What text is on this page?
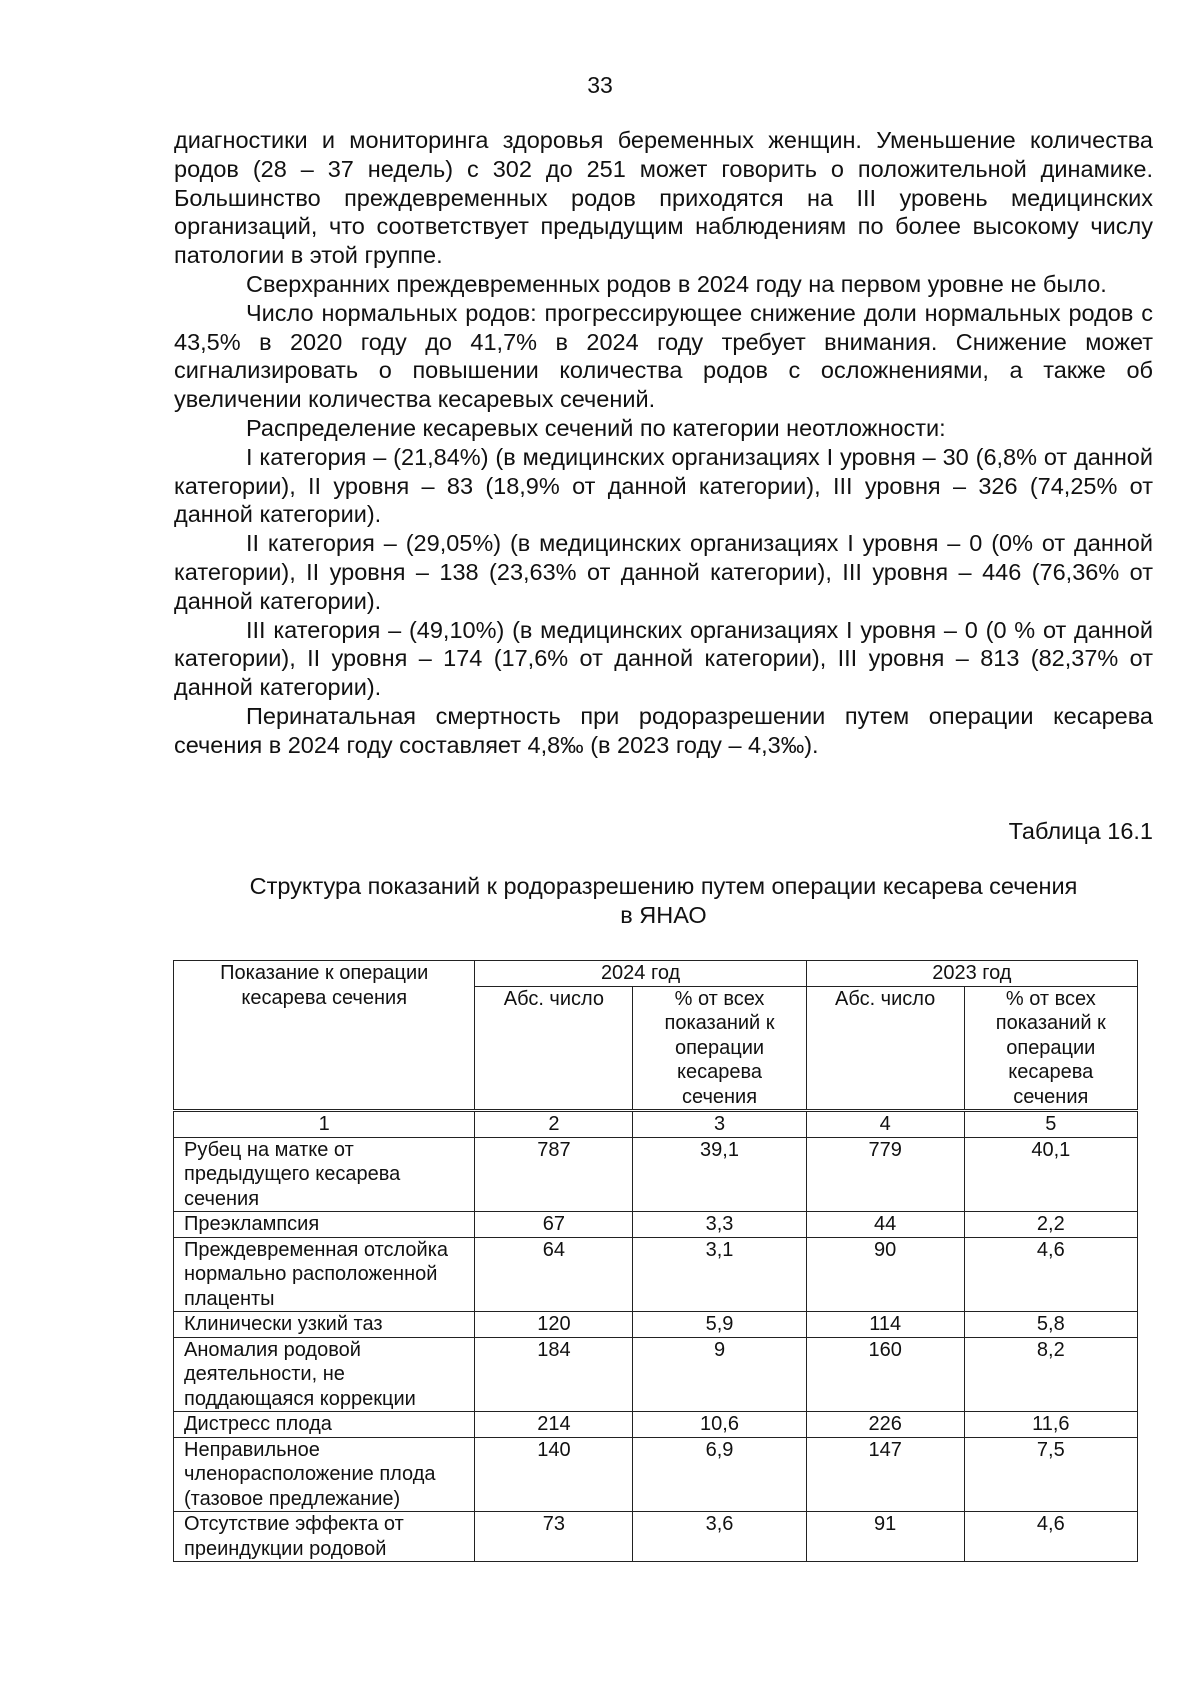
33

диагностики и мониторинга здоровья беременных женщин. Уменьшение количества родов (28 – 37 недель) с 302 до 251 может говорить о положительной динамике. Большинство преждевременных родов приходятся на III уровень медицинских организаций, что соответствует предыдущим наблюдениям по более высокому числу патологии в этой группе.

Сверхранних преждевременных родов в 2024 году на первом уровне не было.

Число нормальных родов: прогрессирующее снижение доли нормальных родов с 43,5% в 2020 году до 41,7% в 2024 году требует внимания. Снижение может сигнализировать о повышении количества родов с осложнениями, а также об увеличении количества кесаревых сечений.

Распределение кесаревых сечений по категории неотложности:

I категория – (21,84%) (в медицинских организациях I уровня – 30 (6,8% от данной категории), II уровня – 83 (18,9% от данной категории), III уровня – 326 (74,25% от данной категории).

II категория – (29,05%) (в медицинских организациях I уровня – 0 (0% от данной категории), II уровня – 138 (23,63% от данной категории), III уровня – 446 (76,36% от данной категории).

III категория – (49,10%) (в медицинских организациях I уровня – 0 (0 % от данной категории), II уровня – 174 (17,6% от данной категории), III уровня – 813 (82,37% от данной категории).

Перинатальная смертность при родоразрешении путем операции кесарева сечения в 2024 году составляет 4,8‰ (в 2023 году – 4,3‰).

Таблица 16.1
Структура показаний к родоразрешению путем операции кесарева сечения
в ЯНАО
Показание к операции кесарева сечения	2024 год		2023 год	
	Абс. число	% от всех показаний к операции кесарева сечения	Абс. число	% от всех показаний к операции кесарева сечения
1	2	3	4	5
Рубец на матке от предыдущего кесарева сечения	787	39,1	779	40,1
Преэклампсия	67	3,3	44	2,2
Преждевременная отслойка нормально расположенной плаценты	64	3,1	90	4,6
Клинически узкий таз	120	5,9	114	5,8
Аномалия родовой деятельности, не поддающаяся коррекции	184	9	160	8,2
Дистресс плода	214	10,6	226	11,6
Неправильное членорасположение плода (тазовое предлежание)	140	6,9	147	7,5
Отсутствие эффекта от преиндукции родовой	73	3,6	91	4,6
